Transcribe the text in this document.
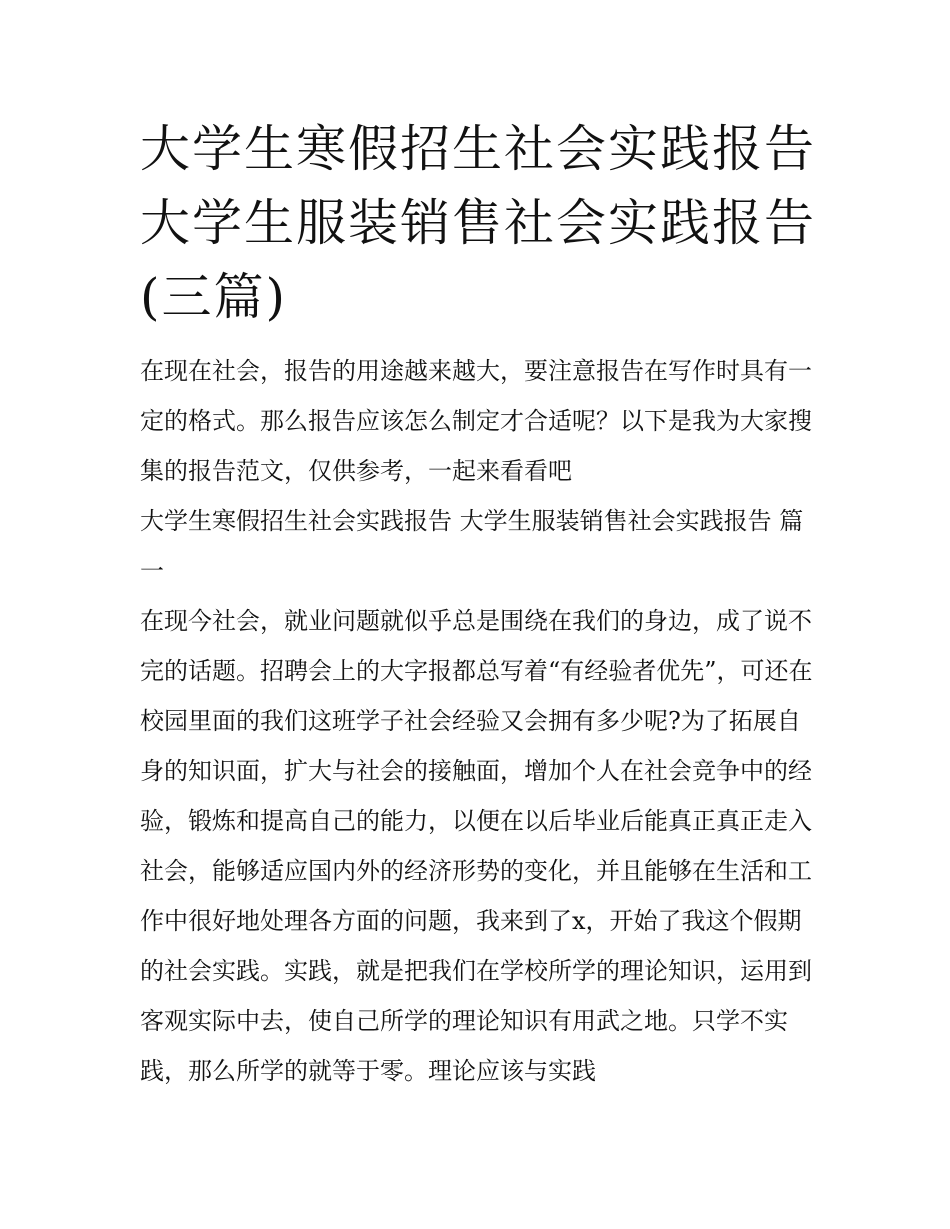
大学生寒假招生社会实践报告 大学生服装销售社会实践报告(三篇)

在现在社会，报告的用途越来越大，要注意报告在写作时具有一定的格式。那么报告应该怎么制定才合适呢？以下是我为大家搜集的报告范文，仅供参考，一起来看看吧

大学生寒假招生社会实践报告 大学生服装销售社会实践报告 篇一

在现今社会，就业问题就似乎总是围绕在我们的身边，成了说不完的话题。招聘会上的大字报都总写着“有经验者优先”，可还在校园里面的我们这班学子社会经验又会拥有多少呢?为了拓展自身的知识面，扩大与社会的接触面，增加个人在社会竞争中的经验，锻炼和提高自己的能力，以便在以后毕业后能真正真正走入社会，能够适应国内外的经济形势的变化，并且能够在生活和工作中很好地处理各方面的问题，我来到了x，开始了我这个假期的社会实践。实践，就是把我们在学校所学的理论知识，运用到客观实际中去，使自己所学的理论知识有用武之地。只学不实践，那么所学的就等于零。理论应该与实践
